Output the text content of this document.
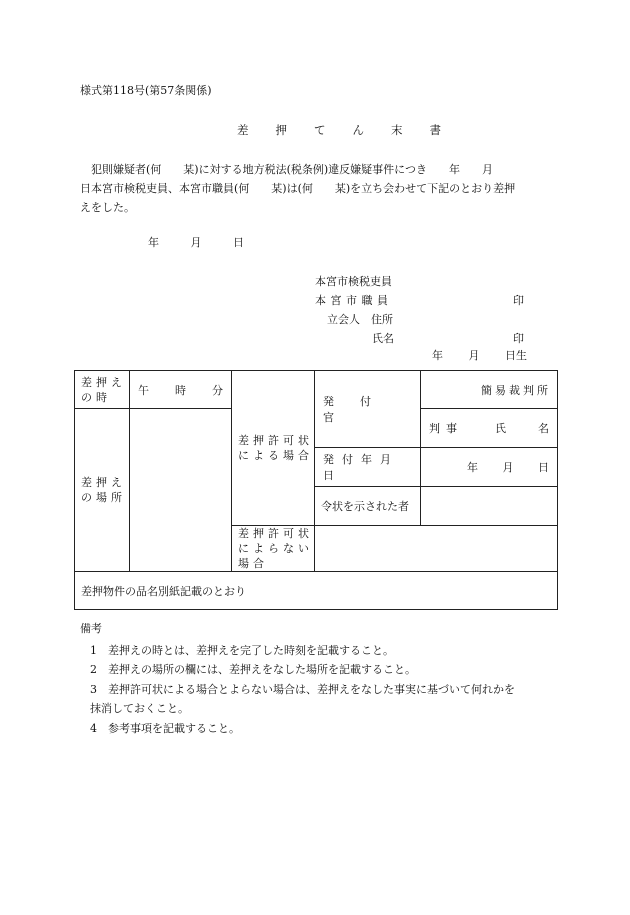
様式第118号(第57条関係)
差押てん末書
犯則嫌疑者(何　　某)に対する地方税法(税条例)違反嫌疑事件につき　　年　　月
日本宮市検税吏員、本宮市職員(何　　某)は(何　　某)を立ち会わせて下記のとおり差押
えをした。
年 月 日
本宮市検税吏員
本宮市職員	印
立会人　住所
氏名	印
年 月 日生
差押えの時	午 時 分	差押許可状による場合	発付官	簡易裁判所
差押えの場所				判事 氏 名

			発付年月日	年 月 日

			令状を示された者	
		差押許可状によらない場合		
差押物件の品名別紙記載のとおり				
備考
1 差押えの時とは、差押えを完了した時刻を記載すること。
2 差押えの場所の欄には、差押えをなした場所を記載すること。
3 差押許可状による場合とよらない場合は、差押えをなした事実に基づいて何れかを
抹消しておくこと。
4 参考事項を記載すること。
